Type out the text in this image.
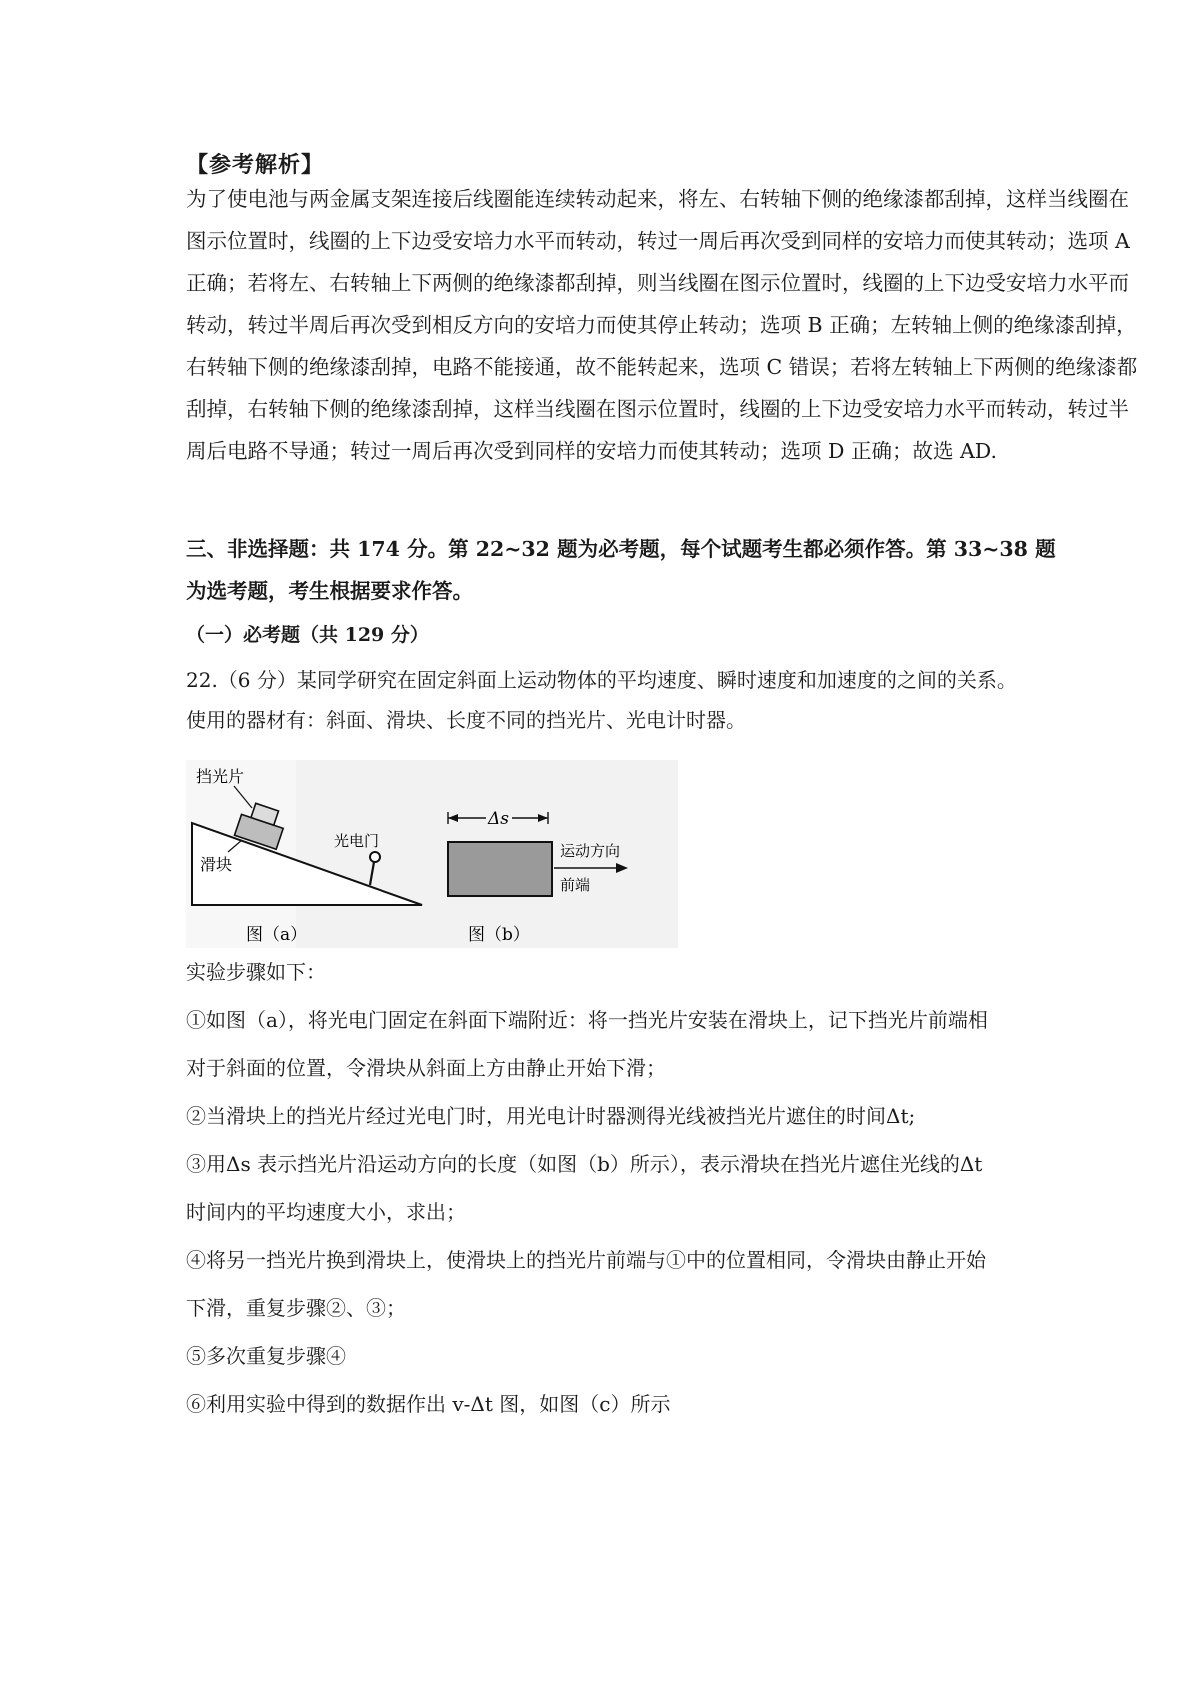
【参考解析】
为了使电池与两金属支架连接后线圈能连续转动起来，将左、右转轴下侧的绝缘漆都刮掉，这样当线圈在
图示位置时，线圈的上下边受安培力水平而转动，转过一周后再次受到同样的安培力而使其转动；选项 A
正确；若将左、右转轴上下两侧的绝缘漆都刮掉，则当线圈在图示位置时，线圈的上下边受安培力水平而
转动，转过半周后再次受到相反方向的安培力而使其停止转动；选项 B 正确；左转轴上侧的绝缘漆刮掉，
右转轴下侧的绝缘漆刮掉，电路不能接通，故不能转起来，选项 C 错误；若将左转轴上下两侧的绝缘漆都
刮掉，右转轴下侧的绝缘漆刮掉，这样当线圈在图示位置时，线圈的上下边受安培力水平而转动，转过半
周后电路不导通；转过一周后再次受到同样的安培力而使其转动；选项 D 正确；故选 AD.
三、非选择题：共 174 分。第 22~32 题为必考题，每个试题考生都必须作答。第 33~38 题
为选考题，考生根据要求作答。
（一）必考题（共 129 分）
22.（6 分）某同学研究在固定斜面上运动物体的平均速度、瞬时速度和加速度的之间的关系。
使用的器材有：斜面、滑块、长度不同的挡光片、光电计时器。
挡光片
滑块
光电门
图（a）
Δs
运动方向
前端
图（b）
实验步骤如下：
①如图（a），将光电门固定在斜面下端附近：将一挡光片安装在滑块上，记下挡光片前端相
对于斜面的位置，令滑块从斜面上方由静止开始下滑；
②当滑块上的挡光片经过光电门时，用光电计时器测得光线被挡光片遮住的时间Δt;
③用Δs 表示挡光片沿运动方向的长度（如图（b）所示），表示滑块在挡光片遮住光线的Δt
时间内的平均速度大小，求出；
④将另一挡光片换到滑块上，使滑块上的挡光片前端与①中的位置相同，令滑块由静止开始
下滑，重复步骤②、③；
⑤多次重复步骤④
⑥利用实验中得到的数据作出 v-Δt 图，如图（c）所示
